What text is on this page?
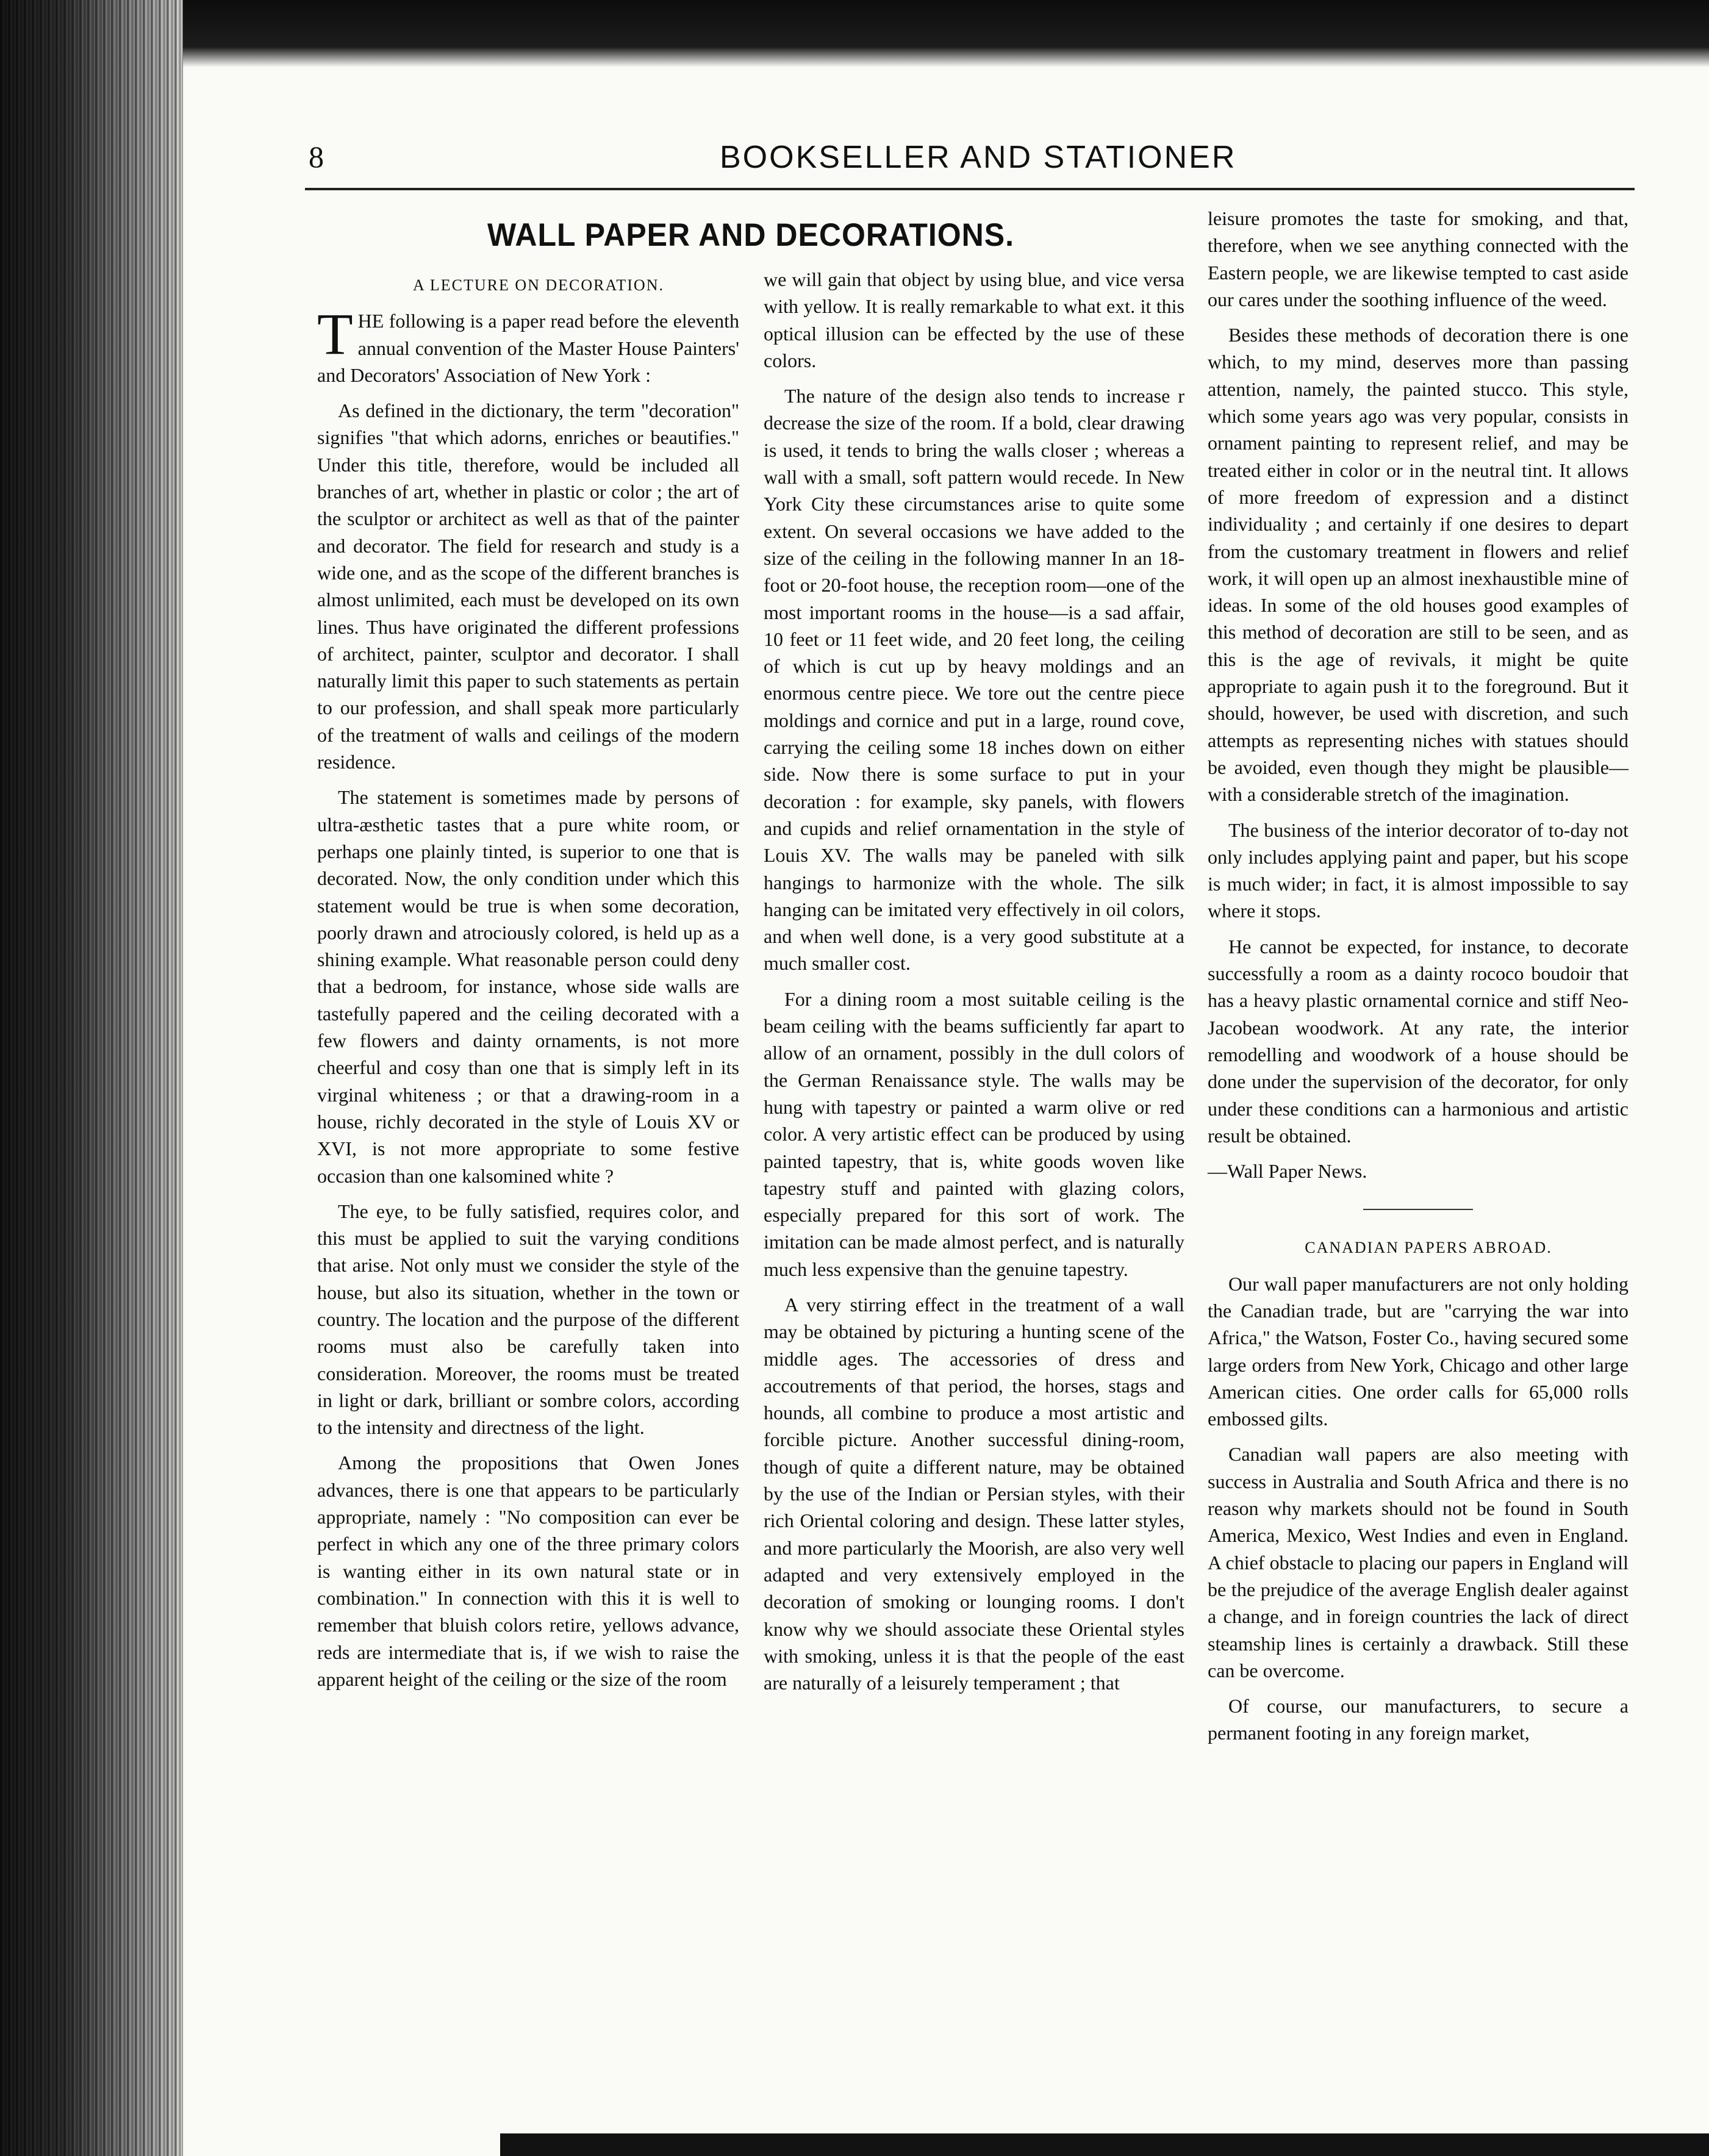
8	BOOKSELLER AND STATIONER
WALL PAPER AND DECORATIONS.

A LECTURE ON DECORATION.

THE following is a paper read before the eleventh annual convention of the Master House Painters' and Decorators' Association of New York :

As defined in the dictionary, the term "decoration" signifies "that which adorns, enriches or beautifies." Under this title, therefore, would be included all branches of art, whether in plastic or color ; the art of the sculptor or architect as well as that of the painter and decorator. The field for research and study is a wide one, and as the scope of the different branches is almost unlimited, each must be developed on its own lines. Thus have originated the different professions of architect, painter, sculptor and decorator. I shall naturally limit this paper to such statements as pertain to our profession, and shall speak more particularly of the treatment of walls and ceilings of the modern residence.

The statement is sometimes made by persons of ultra-æsthetic tastes that a pure white room, or perhaps one plainly tinted, is superior to one that is decorated. Now, the only condition under which this statement would be true is when some decoration, poorly drawn and atrociously colored, is held up as a shining example. What reasonable person could deny that a bedroom, for instance, whose side walls are tastefully papered and the ceiling decorated with a few flowers and dainty ornaments, is not more cheerful and cosy than one that is simply left in its virginal whiteness ; or that a drawing-room in a house, richly decorated in the style of Louis XV or XVI, is not more appropriate to some festive occasion than one kalsomined white ?

The eye, to be fully satisfied, requires color, and this must be applied to suit the varying conditions that arise. Not only must we consider the style of the house, but also its situation, whether in the town or country. The location and the purpose of the different rooms must also be carefully taken into consideration. Moreover, the rooms must be treated in light or dark, brilliant or sombre colors, according to the intensity and directness of the light.

Among the propositions that Owen Jones advances, there is one that appears to be particularly appropriate, namely : "No composition can ever be perfect in which any one of the three primary colors is wanting either in its own natural state or in combination." In connection with this it is well to remember that bluish colors retire, yellows advance, reds are intermediate that is, if we wish to raise the apparent height of the ceiling or the size of the room

we will gain that object by using blue, and vice versa with yellow. It is really remarkable to what ext. it this optical illusion can be effected by the use of these colors.

The nature of the design also tends to increase r decrease the size of the room. If a bold, clear drawing is used, it tends to bring the walls closer ; whereas a wall with a small, soft pattern would recede. In New York City these circumstances arise to quite some extent. On several occasions we have added to the size of the ceiling in the following manner In an 18-foot or 20-foot house, the reception room—one of the most important rooms in the house—is a sad affair, 10 feet or 11 feet wide, and 20 feet long, the ceiling of which is cut up by heavy moldings and an enormous centre piece. We tore out the centre piece moldings and cornice and put in a large, round cove, carrying the ceiling some 18 inches down on either side. Now there is some surface to put in your decoration : for example, sky panels, with flowers and cupids and relief ornamentation in the style of Louis XV. The walls may be paneled with silk hangings to harmonize with the whole. The silk hanging can be imitated very effectively in oil colors, and when well done, is a very good substitute at a much smaller cost.

For a dining room a most suitable ceiling is the beam ceiling with the beams sufficiently far apart to allow of an ornament, possibly in the dull colors of the German Renaissance style. The walls may be hung with tapestry or painted a warm olive or red color. A very artistic effect can be produced by using painted tapestry, that is, white goods woven like tapestry stuff and painted with glazing colors, especially prepared for this sort of work. The imitation can be made almost perfect, and is naturally much less expensive than the genuine tapestry.

A very stirring effect in the treatment of a wall may be obtained by picturing a hunting scene of the middle ages. The accessories of dress and accoutrements of that period, the horses, stags and hounds, all combine to produce a most artistic and forcible picture. Another successful dining-room, though of quite a different nature, may be obtained by the use of the Indian or Persian styles, with their rich Oriental coloring and design. These latter styles, and more particularly the Moorish, are also very well adapted and very extensively employed in the decoration of smoking or lounging rooms. I don't know why we should associate these Oriental styles with smoking, unless it is that the people of the east are naturally of a leisurely temperament ; that

leisure promotes the taste for smoking, and that, therefore, when we see anything connected with the Eastern people, we are likewise tempted to cast aside our cares under the soothing influence of the weed.

Besides these methods of decoration there is one which, to my mind, deserves more than passing attention, namely, the painted stucco. This style, which some years ago was very popular, consists in ornament painting to represent relief, and may be treated either in color or in the neutral tint. It allows of more freedom of expression and a distinct individuality ; and certainly if one desires to depart from the customary treatment in flowers and relief work, it will open up an almost inexhaustible mine of ideas. In some of the old houses good examples of this method of decoration are still to be seen, and as this is the age of revivals, it might be quite appropriate to again push it to the foreground. But it should, however, be used with discretion, and such attempts as representing niches with statues should be avoided, even though they might be plausible—with a considerable stretch of the imagination.

The business of the interior decorator of to-day not only includes applying paint and paper, but his scope is much wider; in fact, it is almost impossible to say where it stops.

He cannot be expected, for instance, to decorate successfully a room as a dainty rococo boudoir that has a heavy plastic ornamental cornice and stiff Neo-Jacobean woodwork. At any rate, the interior remodelling and woodwork of a house should be done under the supervision of the decorator, for only under these conditions can a harmonious and artistic result be obtained.

—Wall Paper News.

CANADIAN PAPERS ABROAD.

Our wall paper manufacturers are not only holding the Canadian trade, but are "carrying the war into Africa," the Watson, Foster Co., having secured some large orders from New York, Chicago and other large American cities. One order calls for 65,000 rolls embossed gilts.

Canadian wall papers are also meeting with success in Australia and South Africa and there is no reason why markets should not be found in South America, Mexico, West Indies and even in England. A chief obstacle to placing our papers in England will be the prejudice of the average English dealer against a change, and in foreign countries the lack of direct steamship lines is certainly a drawback. Still these can be overcome.

Of course, our manufacturers, to secure a permanent footing in any foreign market,
